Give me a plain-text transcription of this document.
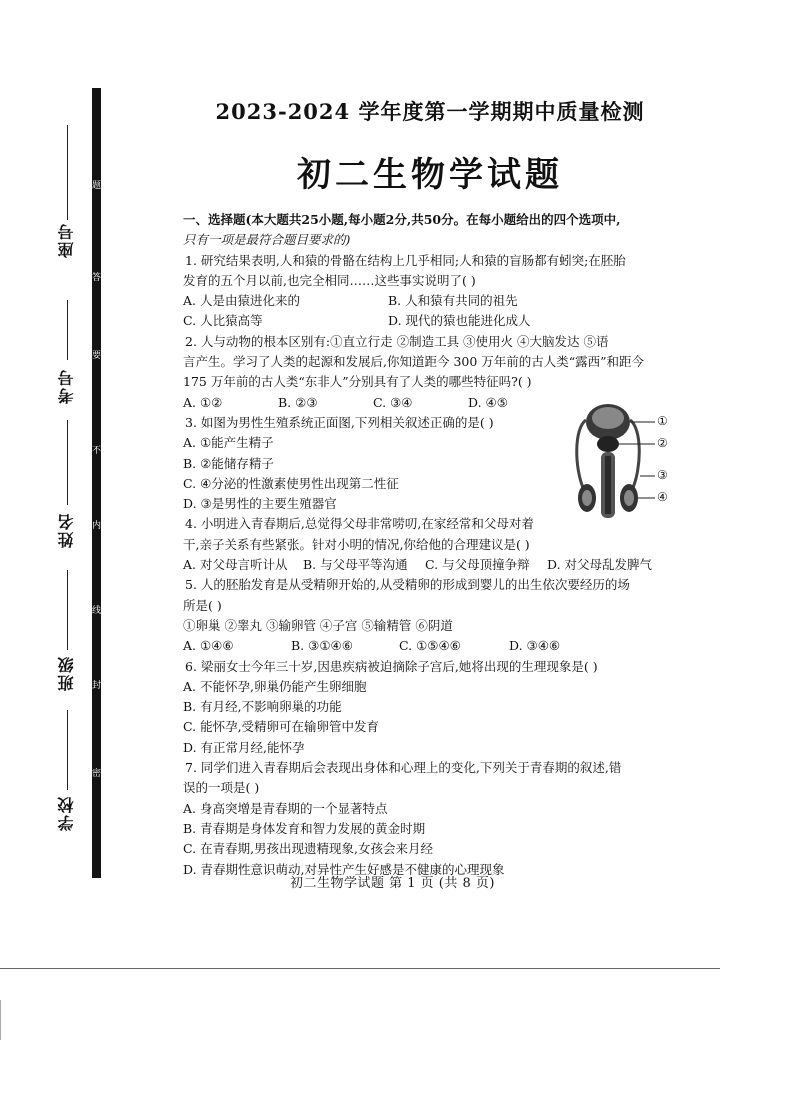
题
答
要
不
内
线
封
密
座号
考号
姓名
班级
学校
2023-2024 学年度第一学期期中质量检测
初二生物学试题
一、选择题(本大题共25小题,每小题2分,共50分。在每小题给出的四个选项中,
只有一项是最符合题目要求的)
1. 研究结果表明,人和猿的骨骼在结构上几乎相同;人和猿的盲肠都有蚓突;在胚胎
发育的五个月以前,也完全相同……这些事实说明了( )
A. 人是由猿进化来的	B. 人和猿有共同的祖先
C. 人比猿高等	D. 现代的猿也能进化成人
2. 人与动物的根本区别有:①直立行走 ②制造工具 ③使用火 ④大脑发达 ⑤语
言产生。学习了人类的起源和发展后,你知道距今 300 万年前的古人类“露西”和距今
175 万年前的古人类“东非人”分别具有了人类的哪些特征吗?( )
A. ①②	B. ②③	C. ③④	D. ④⑤
3. 如图为男性生殖系统正面图,下列相关叙述正确的是( )
A. ①能产生精子
B. ②能储存精子
C. ④分泌的性激素使男性出现第二性征
D. ③是男性的主要生殖器官
4. 小明进入青春期后,总觉得父母非常唠叨,在家经常和父母对着
干,亲子关系有些紧张。针对小明的情况,你给他的合理建议是( )
A. 对父母言听计从	B. 与父母平等沟通	C. 与父母顶撞争辩	D. 对父母乱发脾气
5. 人的胚胎发育是从受精卵开始的,从受精卵的形成到婴儿的出生依次要经历的场
所是( )
①卵巢 ②睾丸 ③输卵管 ④子宫 ⑤输精管 ⑥阴道
A. ①④⑥	B. ③①④⑥	C. ①⑤④⑥	D. ③④⑥
6. 梁丽女士今年三十岁,因患疾病被迫摘除子宫后,她将出现的生理现象是( )
A. 不能怀孕,卵巢仍能产生卵细胞
B. 有月经,不影响卵巢的功能
C. 能怀孕,受精卵可在输卵管中发育
D. 有正常月经,能怀孕
7. 同学们进入青春期后会表现出身体和心理上的变化,下列关于青春期的叙述,错
误的一项是( )
A. 身高突增是青春期的一个显著特点
B. 青春期是身体发育和智力发展的黄金时期
C. 在青春期,男孩出现遗精现象,女孩会来月经
D. 青春期性意识萌动,对异性产生好感是不健康的心理现象
①
②
③
④
初二生物学试题 第 1 页 (共 8 页)
